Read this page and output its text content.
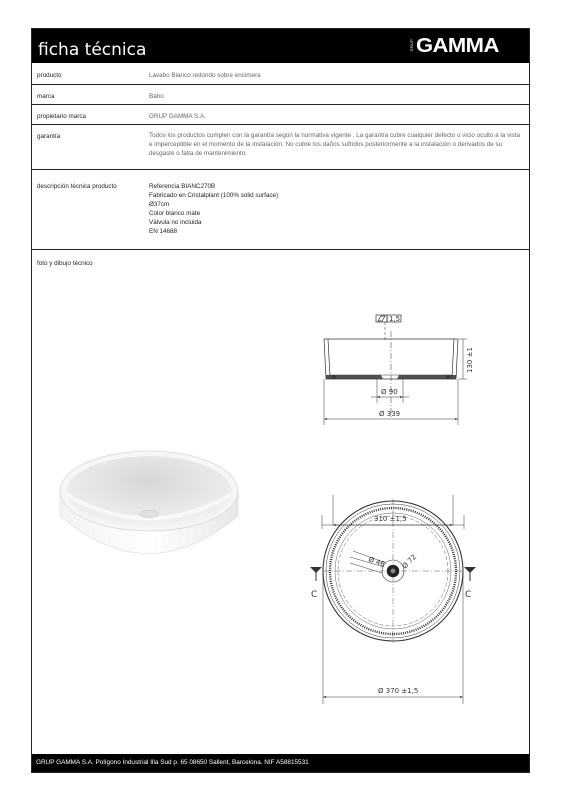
ficha técnica	GRUP GAMMA
producto	Lavabo Bianco redondo sobre encimera
marca	Baho
propietario marca	GRUP GAMMA S.A.
garantía	Todos los productos cumplen con la garantía según la normativa vigente . La garantía cubre cualquier defecto o vicio oculto a la vista e imperceptible en el momento de la instalación. No cubre los daños sufridos posteriormente a la instalación o derivados de su desgaste o falta de mantenimiento.
descripción técnica producto	Referencia BIANC270B
Fabricado en Cristalplant (100% solid surface)
Ø37cm
Color blanco mate
Válvula no incluida
EN 14688
foto y dibujo técnico
1,5
130 ±1
Ø 90
Ø 339
310 ±1,5
Ø 46 Ø 72
Ø 370 ±1,5
C	C
GRUP GAMMA S.A. Polígono Industrial Illa Sud p. 65 08650 Sallent, Barcelona. NIF A58815531
